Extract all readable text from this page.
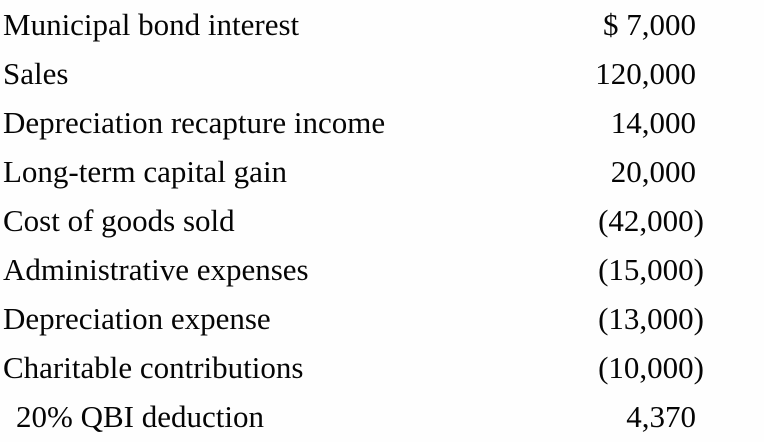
Municipal bond interest	$ 7,000
Sales	120,000
Depreciation recapture income	14,000
Long-term capital gain	20,000
Cost of goods sold	(42,000)
Administrative expenses	(15,000)
Depreciation expense	(13,000)
Charitable contributions	(10,000)
20% QBI deduction	4,370
